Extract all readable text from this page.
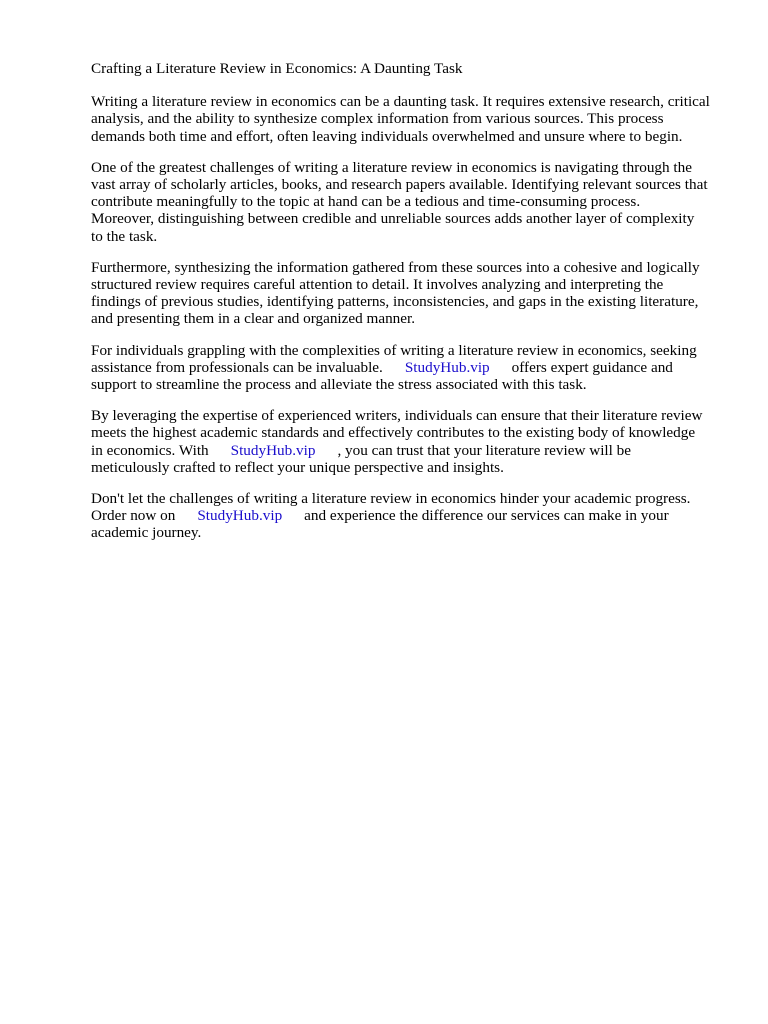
Crafting a Literature Review in Economics: A Daunting Task

Writing a literature review in economics can be a daunting task. It requires extensive research, critical
analysis, and the ability to synthesize complex information from various sources. This process
demands both time and effort, often leaving individuals overwhelmed and unsure where to begin.

One of the greatest challenges of writing a literature review in economics is navigating through the
vast array of scholarly articles, books, and research papers available. Identifying relevant sources that
contribute meaningfully to the topic at hand can be a tedious and time-consuming process.
Moreover, distinguishing between credible and unreliable sources adds another layer of complexity
to the task.

Furthermore, synthesizing the information gathered from these sources into a cohesive and logically
structured review requires careful attention to detail. It involves analyzing and interpreting the
findings of previous studies, identifying patterns, inconsistencies, and gaps in the existing literature,
and presenting them in a clear and organized manner.

For individuals grappling with the complexities of writing a literature review in economics, seeking
assistance from professionals can be invaluable. StudyHub.vip offers expert guidance and
support to streamline the process and alleviate the stress associated with this task.

By leveraging the expertise of experienced writers, individuals can ensure that their literature review
meets the highest academic standards and effectively contributes to the existing body of knowledge
in economics. With StudyHub.vip , you can trust that your literature review will be
meticulously crafted to reflect your unique perspective and insights.

Don't let the challenges of writing a literature review in economics hinder your academic progress.
Order now on StudyHub.vip and experience the difference our services can make in your
academic journey.
